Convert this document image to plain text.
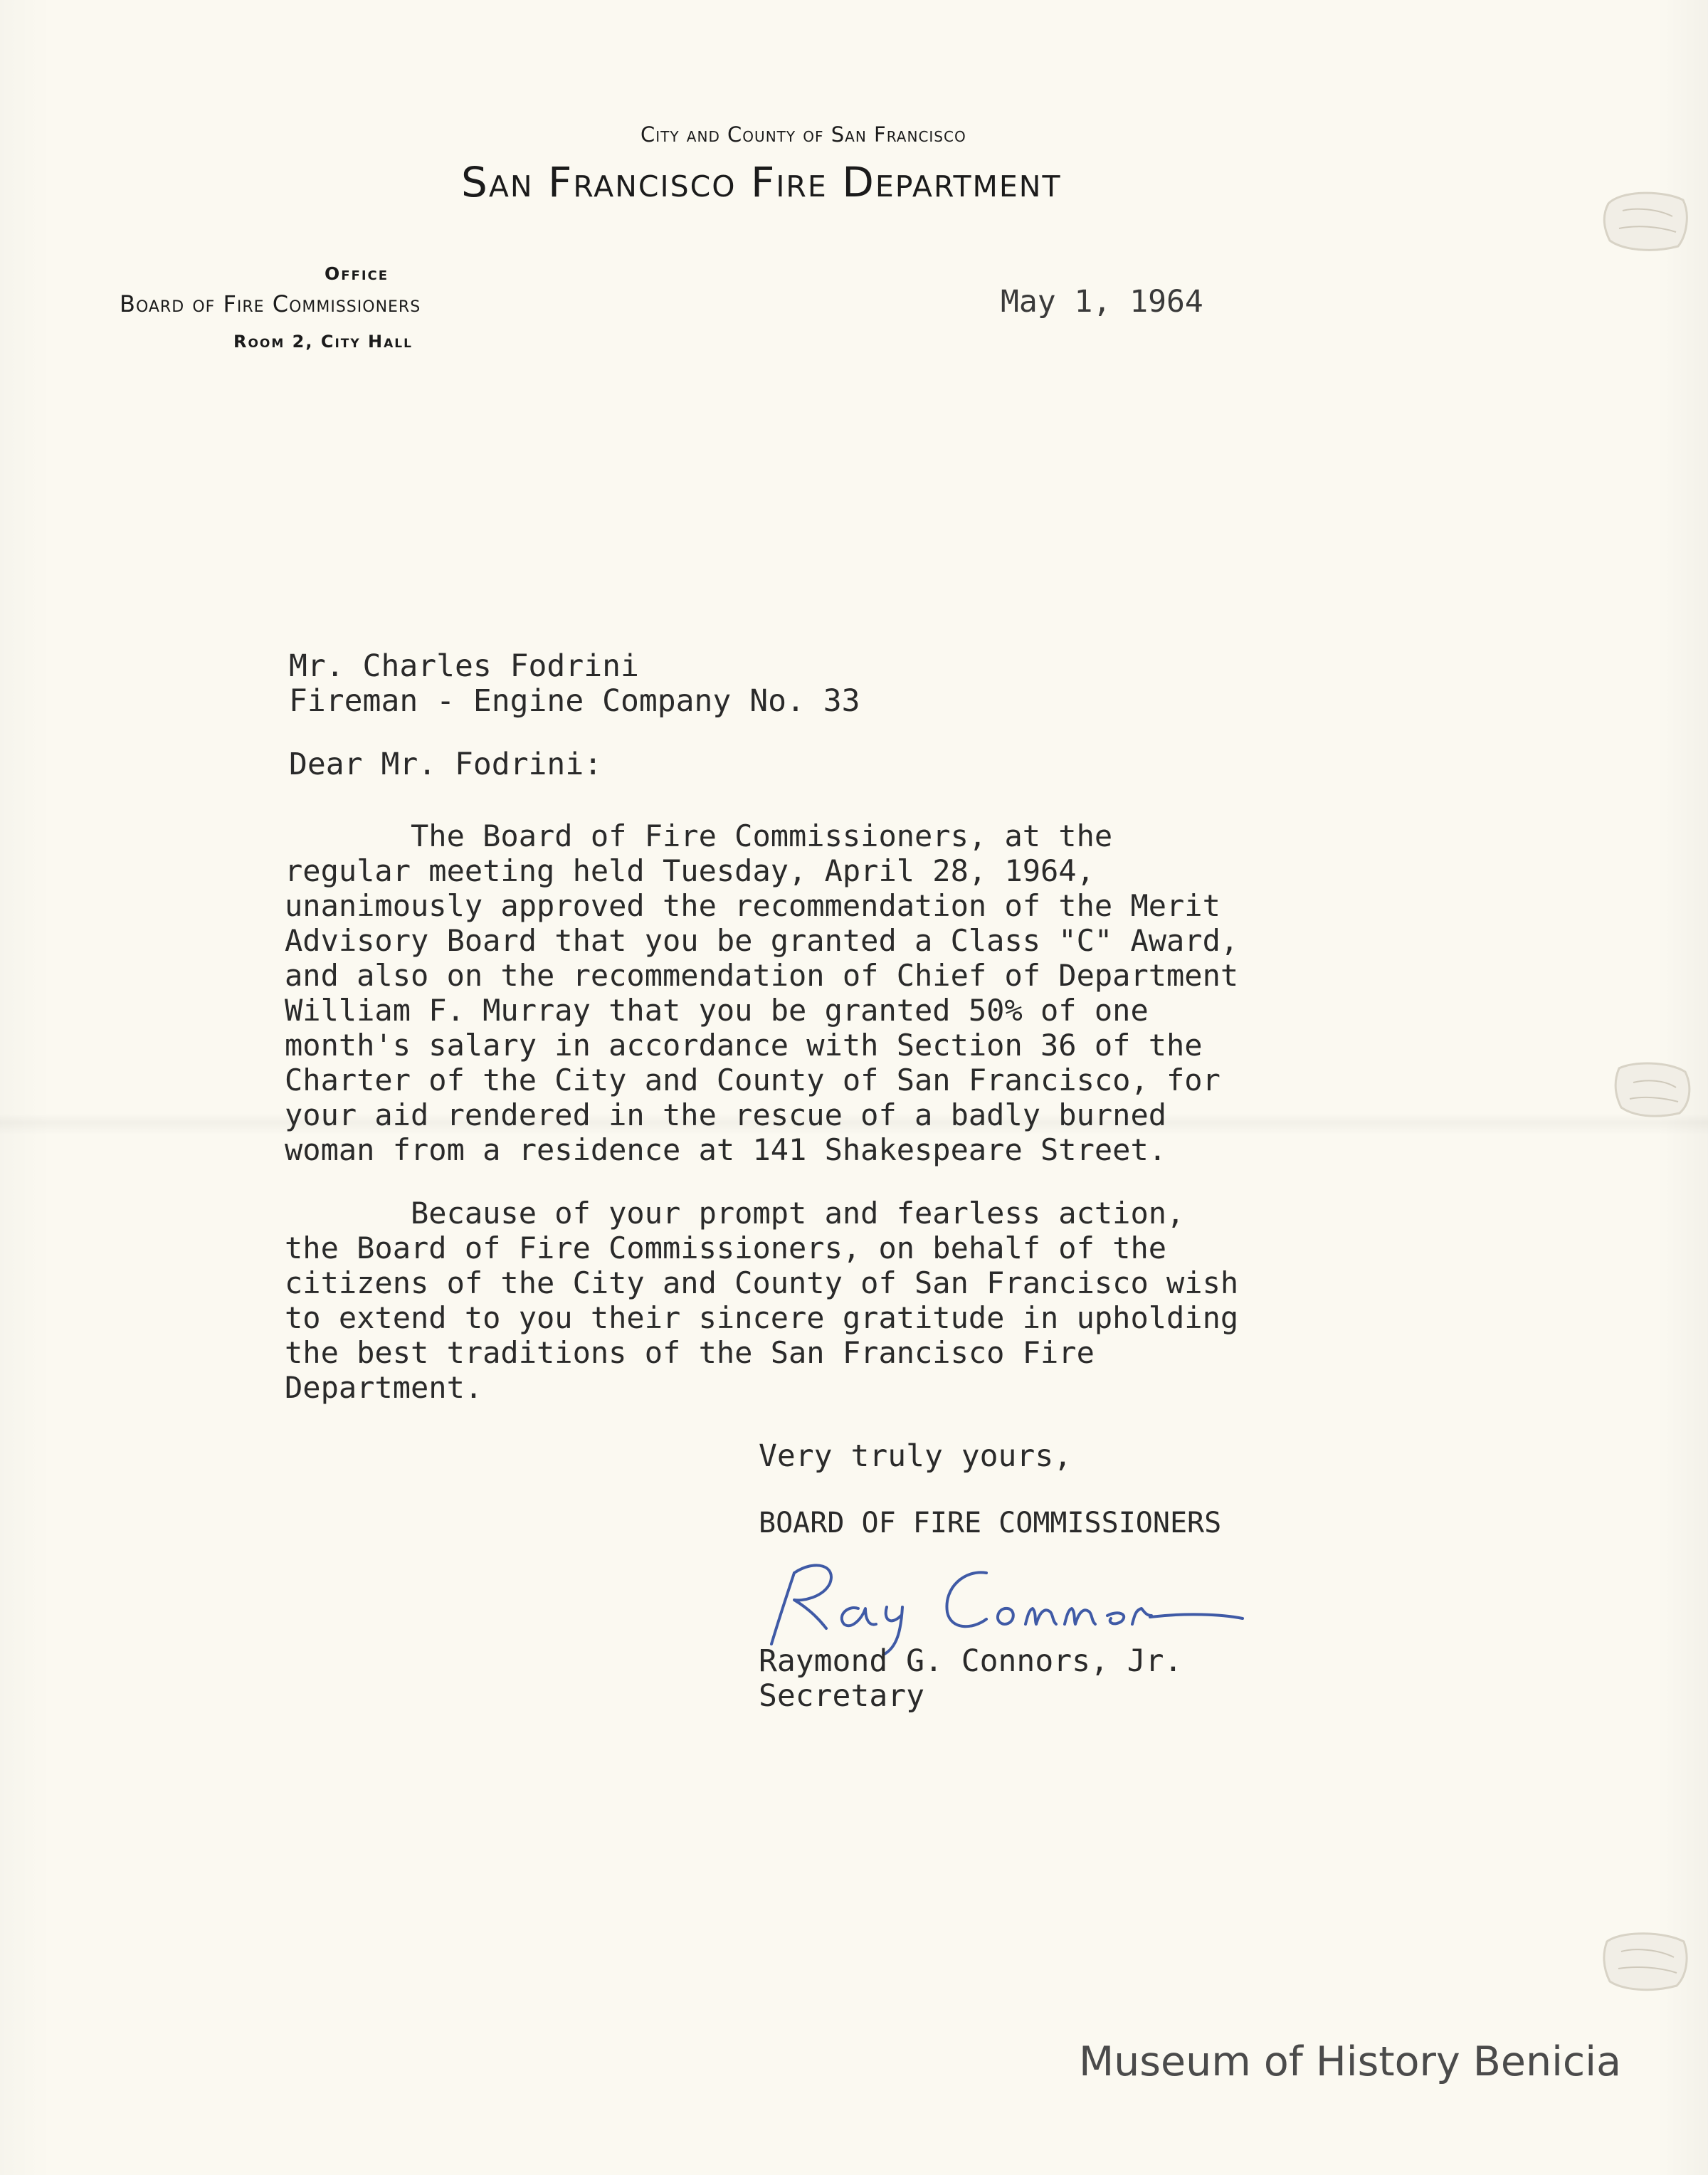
City and County of San Francisco
San Francisco Fire Department
Office
Board of Fire Commissioners
Room 2, City Hall
May 1, 1964
Mr. Charles Fodrini
Fireman - Engine Company No. 33
Dear Mr. Fodrini:
The Board of Fire Commissioners, at the
regular meeting held Tuesday, April 28, 1964,
unanimously approved the recommendation of the Merit
Advisory Board that you be granted a Class "C" Award,
and also on the recommendation of Chief of Department
William F. Murray that you be granted 50% of one
month's salary in accordance with Section 36 of the
Charter of the City and County of San Francisco, for
your aid rendered in the rescue of a badly burned
woman from a residence at 141 Shakespeare Street.
Because of your prompt and fearless action,
the Board of Fire Commissioners, on behalf of the
citizens of the City and County of San Francisco wish
to extend to you their sincere gratitude in upholding
the best traditions of the San Francisco Fire
Department.
Very truly yours,
BOARD OF FIRE COMMISSIONERS
Raymond G. Connors, Jr.
Secretary
Museum of History Benicia
